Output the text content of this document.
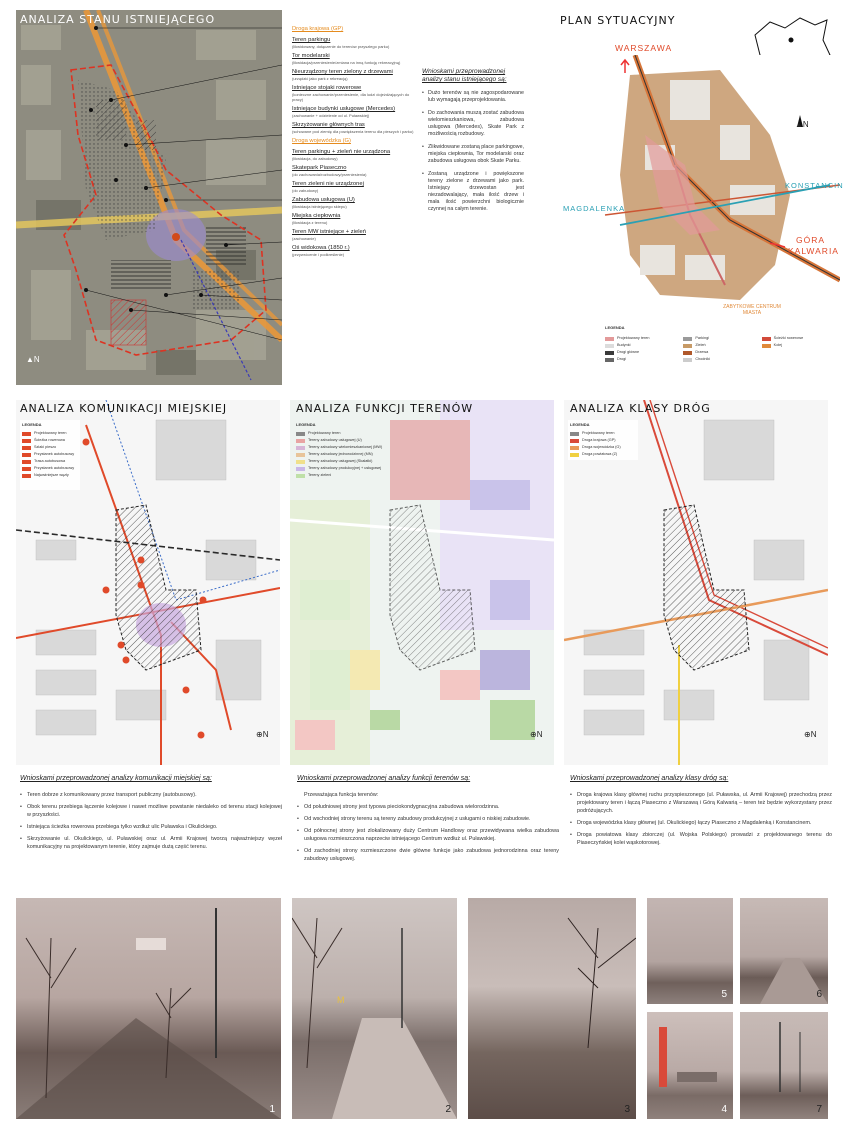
ANALIZA STANU ISTNIEJĄCEGO
▲N
Droga krajowa (GP)
Teren parkingu
(likwidowany, dołączenie do terenów przyszłego parku)
Tor modelarski
(likwidacja/przeniesienie/zmiana na inną funkcję rekreacyjną)
Nieurządzony teren zielony z drzewami
(urządzić jako park z rekreacją)
Istniejące stojaki rowerowe
(konieczne zachowanie/przeniesienie, dla ludzi dojeżdżających do pracy)
Istniejące budynki usługowe (Mercedes)
(zachowanie + odzielenie od ul. Puławskiej)
Skrzyżowanie głównych tras
(schowane pod ziemię dla powiększenia terenu dla pieszych i parku)
Droga wojewódzka (G)
Teren parkingu + zieleń nie urządzona
(likwidacja, do zabudowy)
Skatepark Piaseczno
(do zachowania/rozbudowy/przeniesienia)
Teren zieleni nie urządzonej
(do zabudowy)
Zabudowa usługowa (U)
(likwidacja istniejącego sklepu)
Miejska ciepłownia
(likwidacja z terenu)
Teren MW istniejące + zieleń
(zachowanie)
Oś widokowa (1850 r.)
(przywrócenie i podkreślenie)
Wnioskami przeprowadzonej analizy stanu istniejącego są:

• Dużo terenów są nie zagospodarowane lub wymagają przeprojektowania.

• Do zachowania muszą zostać zabudowa wielomieszkaniowa, zabudowa usługowa (Mercedes), Skate Park z możliwością rozbudowy.

• Zlikwidowane zostaną place parkingowe, miejska ciepłownia, Tor modelarski oraz zabudowa usługowa obok Skate Parku.

• Zostaną urządzone i powiększone tereny zielone z drzewami jako park. Istniejący drzewostan jest niezadowalający, mała ilość drzew i mała ilość powierzchni biologicznie czynnej na całym terenie.

PLAN SYTUACYJNY
WARSZAWA
KONSTANCIN
MAGDALENKA
GÓRA KALWARIA
ZABYTKOWE CENTRUM MIASTA
▲N
LEGENDA
Projektowany teren
Budynki
Drogi główne
Drogi
Parkingi
Zieleń
Drzewa
Chodniki
Ścieżki rowerowe
Kolej
LEGENDA
Projektowany teren
Ścieżka rowerowa
Szlaki pieszo
Przystanek autobusowy
Trasa autobusowa
Przystanek autobusowy
Najważniejsze węzły
⊕N
ANALIZA KOMUNIKACJI MIEJSKIEJ
LEGENDA
Projektowany teren
Tereny zabudowy usługowej (U)
Tereny zabudowy wielomieszkaniowej (MW)
Tereny zabudowy jednorodzinnej (MN)
Tereny zabudowy usługowej (Skałatki)
Tereny zabudowy produkcyjnej + usługowej
Tereny zieleni
⊕N
ANALIZA FUNKCJI TERENÓW
LEGENDA
Projektowany teren
Droga krajowa (GP)
Droga wojewódzka (G)
Droga powiatowa (Z)
⊕N
ANALIZA KLASY DRÓG
Wnioskami przeprowadzonej analizy komunikacji miejskiej są:

• Teren dobrze z komunikowany przez transport publiczny (autobusowy).

• Obok terenu przebiega łączenie kolejowe i nawet możliwe powstanie niedaleko od terenu stacji kolejowej w przyszłości.

• Istniejąca ścieżka rowerowa przebiega tylko wzdłuż ulic Puławska i Okulickiego.

• Skrzyżowanie ul. Okulickiego, ul. Puławskiej oraz ul. Armii Krajowej tworzą najważniejszy węzeł komunikacyjny na projektowanym terenie, który zajmuje dużą część terenu.

Wnioskami przeprowadzonej analizy funkcji terenów są:

Przeważająca funkcja terenów:

• Od południowej strony jest typowa pieciokondygnacyjna zabudowa wielorodzinna.

• Od wschodniej strony terenu są tereny zabudowy produkcyjnej z usługami o niskiej zabudowie.

• Od północnej strony jest zlokalizowany duży Centrum Handlowy oraz przewidywana wielka zabudowa usługowa rozmieszczona naprzeciw istniejącego Centrum wzdłuż ul. Puławskiej.

• Od zachodniej strony rozmieszczone dwie główne funkcje jako zabudowa jednorodzinna oraz tereny zabudowy usługowej.

Wnioskami przeprowadzonej analizy klasy dróg są:

• Droga krajowa klasy głównej ruchu przyspieszonego (ul. Puławska, ul. Armii Krajowej) przechodzą przez projektowany teren i łączą Piaseczno z Warszawą i Górą Kalwarią – teren też będzie wykorzystany przez podróżujących.

• Droga wojewódzka klasy głównej (ul. Okulickiego) łączy Piaseczno z Magdalenką i Konstancinem.

• Droga powiatowa klasy zbiorczej (ul. Wojska Polskiego) prowadzi z projektowanego terenu do Piaseczyńskiej kolei wąskotorowej.

1
M
2	3
5	6
4	7
